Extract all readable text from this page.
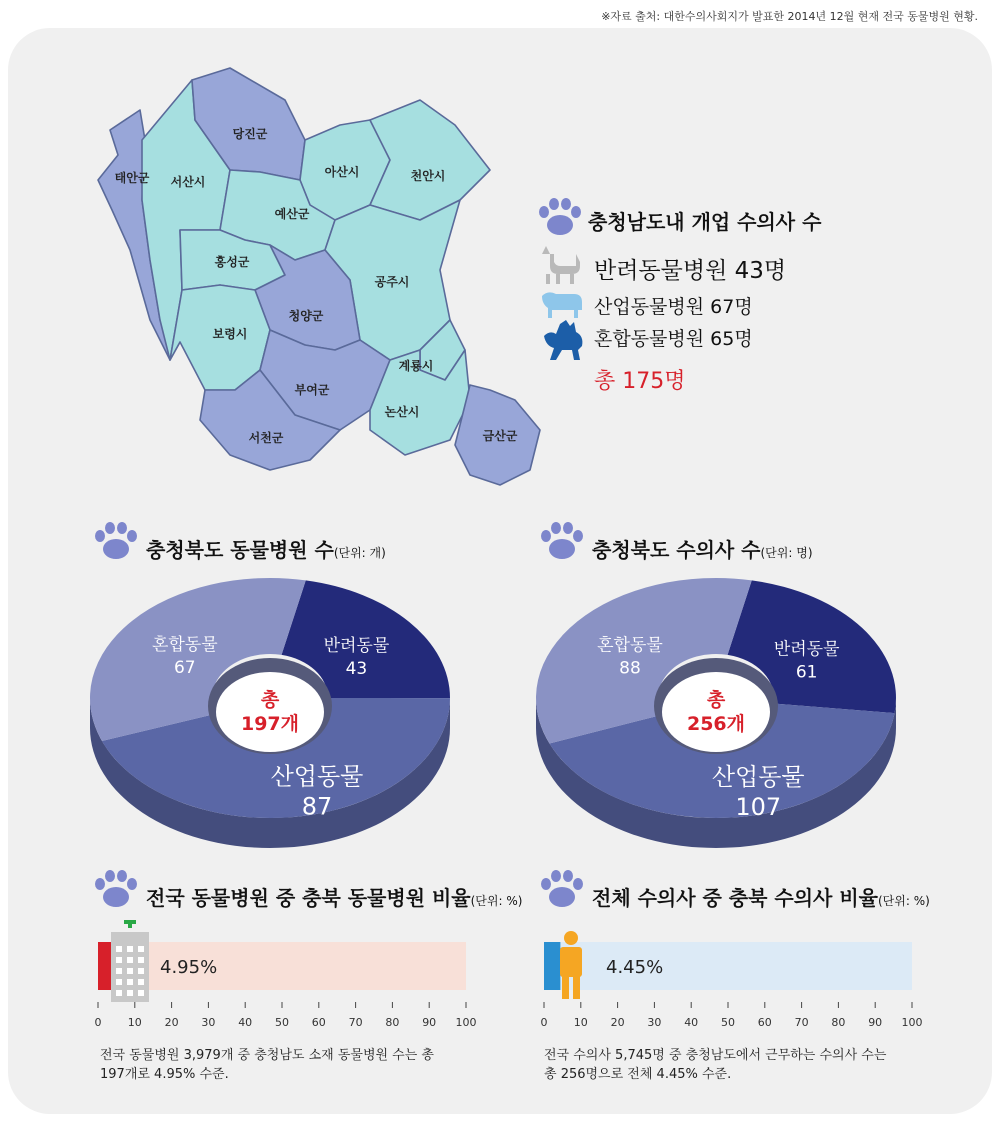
※자료 출처: 대한수의사회지가 발표한 2014년 12월 현재 전국 동물병원 현황.
당진군
태안군 서산시
아산시	천안시
예산군
홍성군
공주시
청양군
보령시
계룡시
부여군
논산시
서천군	금산군
충청남도내 개업 수의사 수
반려동물병원 43명
산업동물병원 67명
혼합동물병원 65명
총 175명
충청북도 동물병원 수(단위: 개)	충청북도 수의사 수(단위: 명)
반려동물
43
산업동물
87
혼합동물
67
총
197개
반려동물
61
산업동물
107
혼합동물
88
총
256개
전국 동물병원 중 충북 동물병원 비율(단위: %)	전체 수의사 중 충북 수의사 비율(단위: %)
4.95%
0 10 20 30 40 50 60 70 80 90 100
4.45%
0 10 20 30 40 50 60 70 80 90 100
전국 동물병원 3,979개 중 충청남도 소재 동물병원 수는 총
197개로 4.95% 수준.
전국 수의사 5,745명 중 충청남도에서 근무하는 수의사 수는
총 256명으로 전체 4.45% 수준.
